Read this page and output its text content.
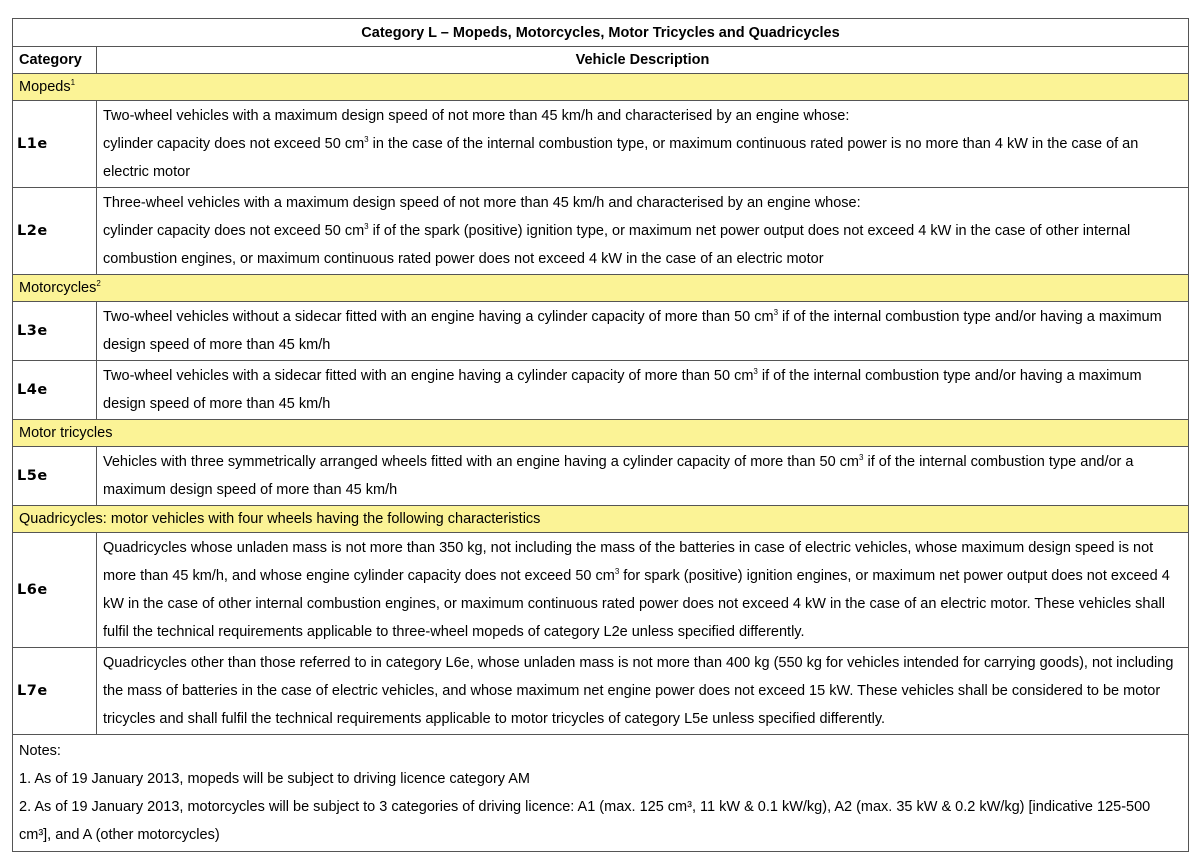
Category L – Mopeds, Motorcycles, Motor Tricycles and Quadricycles	
Category	Vehicle Description
Mopeds$^1$
L1e	Two-wheel vehicles with a maximum design speed of not more than 45 km/h and characterised by an engine whose:

cylinder capacity does not exceed 50 $cm^3$ in the case of the internal combustion type, or maximum continuous rated power is no more than 4 kW in the case of an electric motor

L2e	Three-wheel vehicles with a maximum design speed of not more than 45 km/h and characterised by an engine whose:

cylinder capacity does not exceed 50 $cm^3$ if of the spark (positive) ignition type, or maximum net power output does not exceed 4 kW in the case of other internal combustion engines, or maximum continuous rated power does not exceed 4 kW in the case of an electric motor

Motorcycles$^2$
L3e	Two-wheel vehicles without a sidecar fitted with an engine having a cylinder capacity of more than 50 $cm^3$ if of the internal combustion type and/or having a maximum design speed of more than 45 km/h
L4e	Two-wheel vehicles with a sidecar fitted with an engine having a cylinder capacity of more than 50 $cm^3$ if of the internal combustion type and/or having a maximum design speed of more than 45 km/h
Motor tricycles	
L5e	Vehicles with three symmetrically arranged wheels fitted with an engine having a cylinder capacity of more than 50 $cm^3$ if of the internal combustion type and/or a maximum design speed of more than 45 km/h
Quadricycles: motor vehicles with four wheels having the following characteristics	
L6e	Quadricycles whose unladen mass is not more than 350 kg, not including the mass of the batteries in case of electric vehicles, whose maximum design speed is not more than 45 km/h, and whose engine cylinder capacity does not exceed 50 $cm^3$ for spark (positive) ignition engines, or maximum net power output does not exceed 4 kW in the case of other internal combustion engines, or maximum continuous rated power does not exceed 4 kW in the case of an electric motor. These vehicles shall fulfil the technical requirements applicable to three-wheel mopeds of category L2e unless specified differently.
L7e	Quadricycles other than those referred to in category L6e, whose unladen mass is not more than 400 kg (550 kg for vehicles intended for carrying goods), not including the mass of batteries in the case of electric vehicles, and whose maximum net engine power does not exceed 15 kW. These vehicles shall be considered to be motor tricycles and shall fulfil the technical requirements applicable to motor tricycles of category L5e unless specified differently.

Notes:

1. As of 19 January 2013, mopeds will be subject to driving licence category AM

2. As of 19 January 2013, motorcycles will be subject to 3 categories of driving licence: A1 (max. 125 cm³, 11 kW & 0.1 kW/kg), A2 (max. 35 kW & 0.2 kW/kg) [indicative 125-500 cm³], and A (other motorcycles)	
